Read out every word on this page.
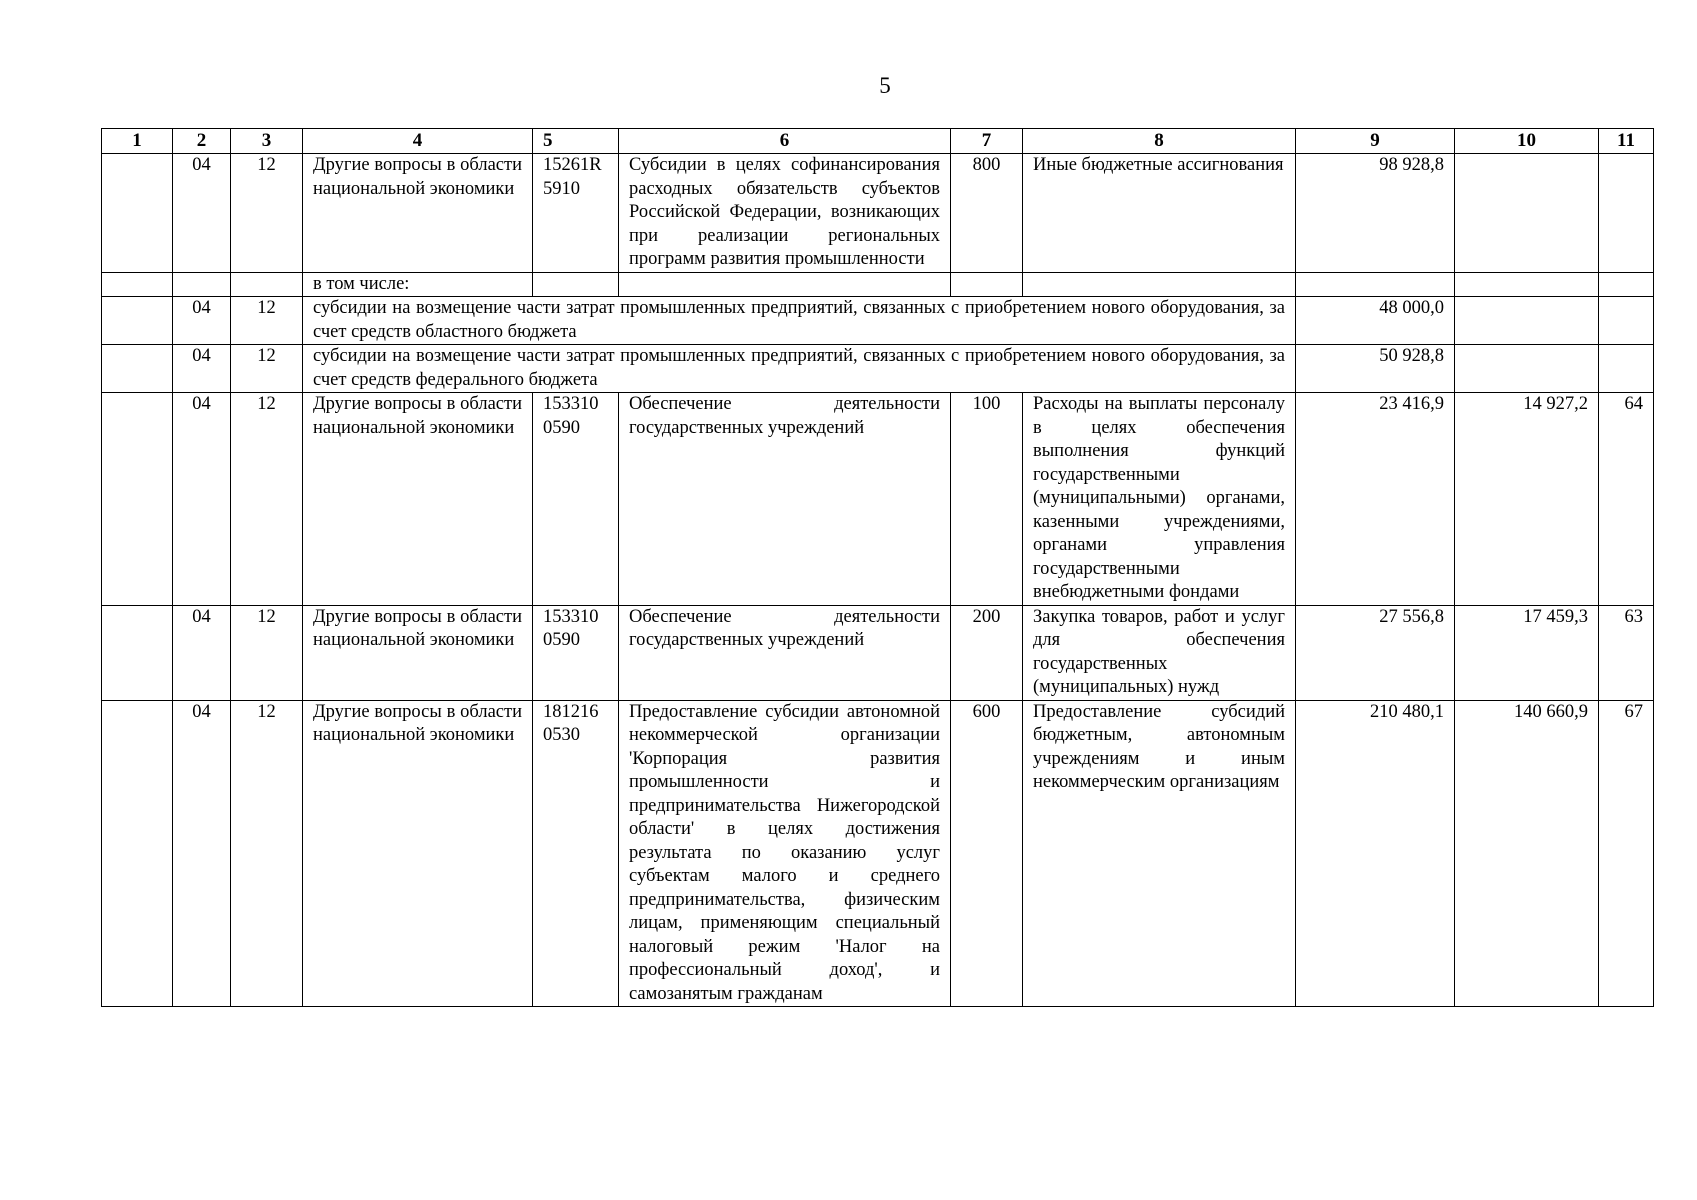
5
1	2	3	4	5	6	7	8	9	10	11
	04	12	Другие вопросы в области национальной экономики	15261R5910	Субсидии в целях софинансирования расходных обязательств субъектов Российской Федерации, возникающих при реализации региональных программ развития промышленности	800	Иные бюджетные ассигнования	98 928,8		
			в том числе:							
	04	12	субсидии на возмещение части затрат промышленных предприятий, связанных с приобретением нового оборудования, за счет средств областного бюджета					48 000,0		
	04	12	субсидии на возмещение части затрат промышленных предприятий, связанных с приобретением нового оборудования, за счет средств федерального бюджета					50 928,8		
	04	12	Другие вопросы в области национальной экономики	1533100590	Обеспечение деятельности государственных учреждений	100	Расходы на выплаты персоналу в целях обеспечения выполнения функций государственными (муниципальными) органами, казенными учреждениями, органами управления государственными внебюджетными фондами	23 416,9	14 927,2	64
	04	12	Другие вопросы в области национальной экономики	1533100590	Обеспечение деятельности государственных учреждений	200	Закупка товаров, работ и услуг для обеспечения государственных (муниципальных) нужд	27 556,8	17 459,3	63
	04	12	Другие вопросы в области национальной экономики	1812160530	Предоставление субсидии автономной некоммерческой организации 'Корпорация развития промышленности и предпринимательства Нижегородской области' в целях достижения результата по оказанию услуг субъектам малого и среднего предпринимательства, физическим лицам, применяющим специальный налоговый режим 'Налог на профессиональный доход', и самозанятым гражданам	600	Предоставление субсидий бюджетным, автономным учреждениям и иным некоммерческим организациям	210 480,1	140 660,9	67
